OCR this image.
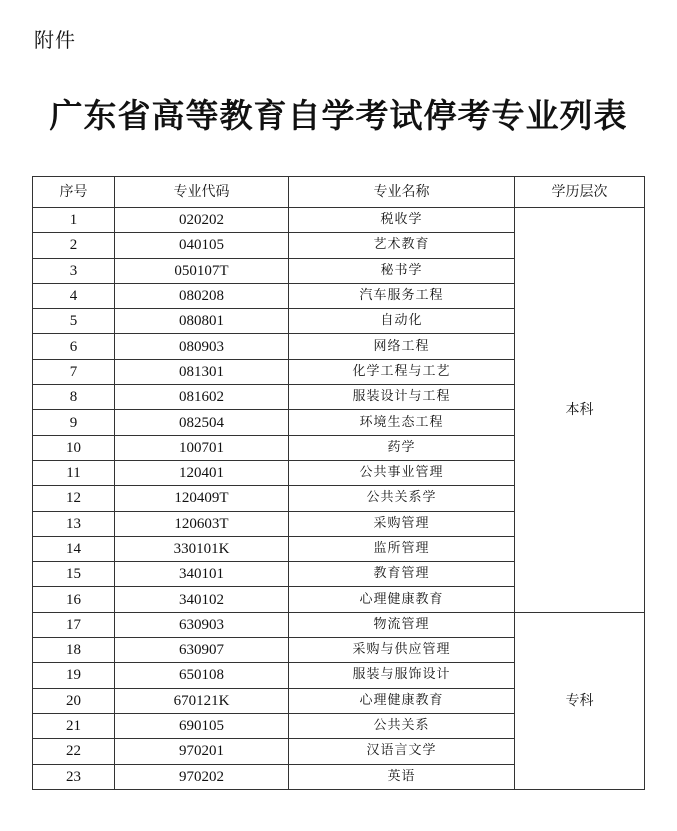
附件
广东省高等教育自学考试停考专业列表
序号	专业代码	专业名称	学历层次
1	020202	税收学	本科
2	040105	艺术教育	
3	050107T	秘书学	
4	080208	汽车服务工程	
5	080801	自动化	
6	080903	网络工程	
7	081301	化学工程与工艺	
8	081602	服装设计与工程	
9	082504	环境生态工程	
10	100701	药学	
11	120401	公共事业管理	
12	120409T	公共关系学	
13	120603T	采购管理	
14	330101K	监所管理	
15	340101	教育管理	
16	340102	心理健康教育	
17	630903	物流管理	专科
18	630907	采购与供应管理	
19	650108	服装与服饰设计	
20	670121K	心理健康教育	
21	690105	公共关系	
22	970201	汉语言文学	
23	970202	英语	
